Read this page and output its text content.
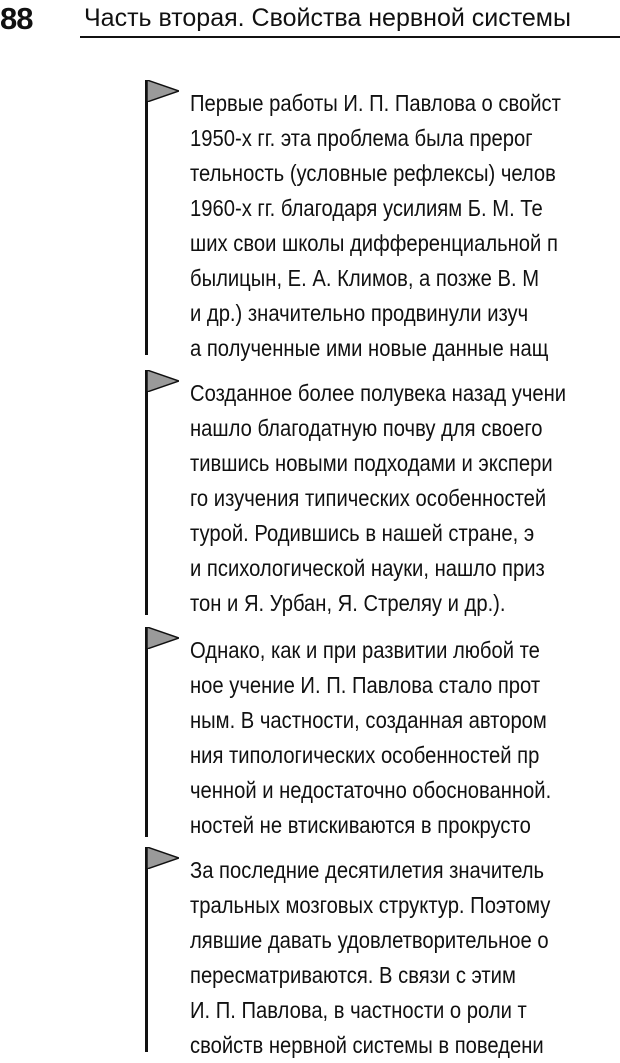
88 Часть вторая. Свойства нервной системы
Первые работы И. П. Павлова о свойст
1950-х гг. эта проблема была прерог
тельность (условные рефлексы) челов
1960-х гг. благодаря усилиям Б. М. Те
ших свои школы дифференциальной п
былицын, Е. А. Климов, а позже В. М
и др.) значительно продвинули изуч
а полученные ими новые данные нащ
Созданное более полувека назад учени
нашло благодатную почву для своего
тившись новыми подходами и экспери
го изучения типических особенностей
турой. Родившись в нашей стране, э
и психологической науки, нашло приз
тон и Я. Урбан, Я. Стреляу и др.).
Однако, как и при развитии любой те
ное учение И. П. Павлова стало прот
ным. В частности, созданная автором
ния типологических особенностей пр
ченной и недостаточно обоснованной.
ностей не втискиваются в прокрусто
За последние десятилетия значитель
тральных мозговых структур. Поэтому
лявшие давать удовлетворительное о
пересматриваются. В связи с этим
И. П. Павлова, в частности о роли т
свойств нервной системы в поведени
